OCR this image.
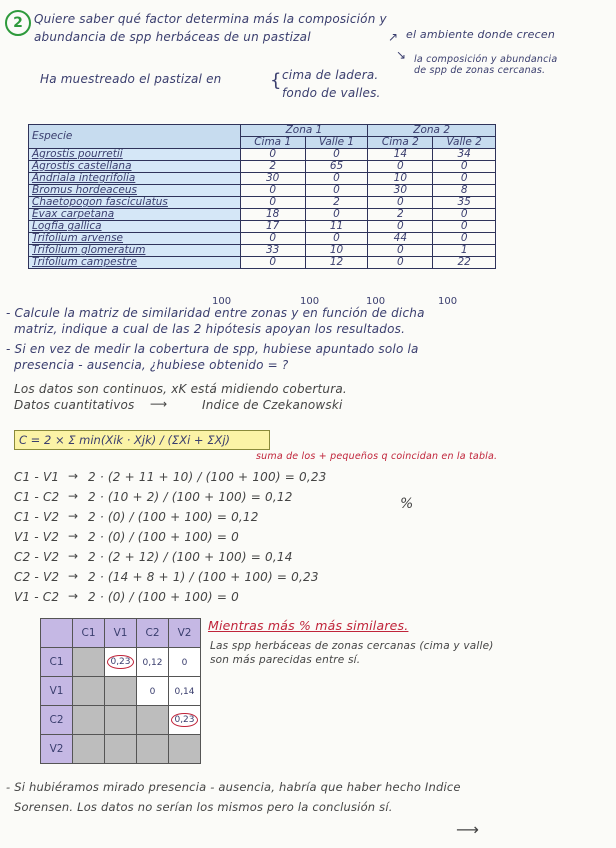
2 Quiere saber qué factor determina más la composición y
abundancia de spp herbáceas de un pastizal	↗ el ambiente donde crecen
↘ la composición y abundancia
de spp de zonas cercanas.
Ha muestreado el pastizal en	{ cima de ladera.
fondo de valles.
Especie	Zona 1		Zona 2	
	Cima 1	Valle 1	Cima 2	Valle 2
Agrostis pourretii	0	0	14	34
Agrostis castellana	2	65	0	0
Andriala integrifolia	30	0	10	0
Bromus hordeaceus	0	0	30	8
Chaetopogon fasciculatus	0	2	0	35
Evax carpetana	18	0	2	0
Logfia gallica	17	11	0	0
Trifolium arvense	0	0	44	0
Trifolium glomeratum	33	10	0	1
Trifolium campestre	0	12	0	22
100	100	100	100
- Calcule la matriz de similaridad entre zonas y en función de dicha
matriz, indique a cual de las 2 hipótesis apoyan los resultados.
- Si en vez de medir la cobertura de spp, hubiese apuntado solo la
presencia - ausencia, ¿hubiese obtenido = ?
Los datos son continuos, xK está midiendo cobertura.
Datos cuantitativos ⟶	Indice de Czekanowski
C = 2 × Σ min(Xik · Xjk) / (ΣXi + ΣXj)
suma de los + pequeños q coincidan en la tabla.
C1 - V1 → 2 · (2 + 11 + 10) / (100 + 100) = 0,23
C1 - C2 → 2 · (10 + 2) / (100 + 100) = 0,12
C1 - V2 → 2 · (0) / (100 + 100) = 0,12
V1 - V2 → 2 · (0) / (100 + 100) = 0
C2 - V2 → 2 · (2 + 12) / (100 + 100) = 0,14
C2 - V2 → 2 · (14 + 8 + 1) / (100 + 100) = 0,23
V1 - C2 → 2 · (0) / (100 + 100) = 0
%
	C1	V1	C2	V2
C1		0,23	0,12	0
V1			0	0,14
C2				0,23
V2				
Mientras más % más similares.
Las spp herbáceas de zonas cercanas (cima y valle)
son más parecidas entre sí.
- Si hubiéramos mirado presencia - ausencia, habría que haber hecho Indice
Sorensen. Los datos no serían los mismos pero la conclusión sí.
⟶
